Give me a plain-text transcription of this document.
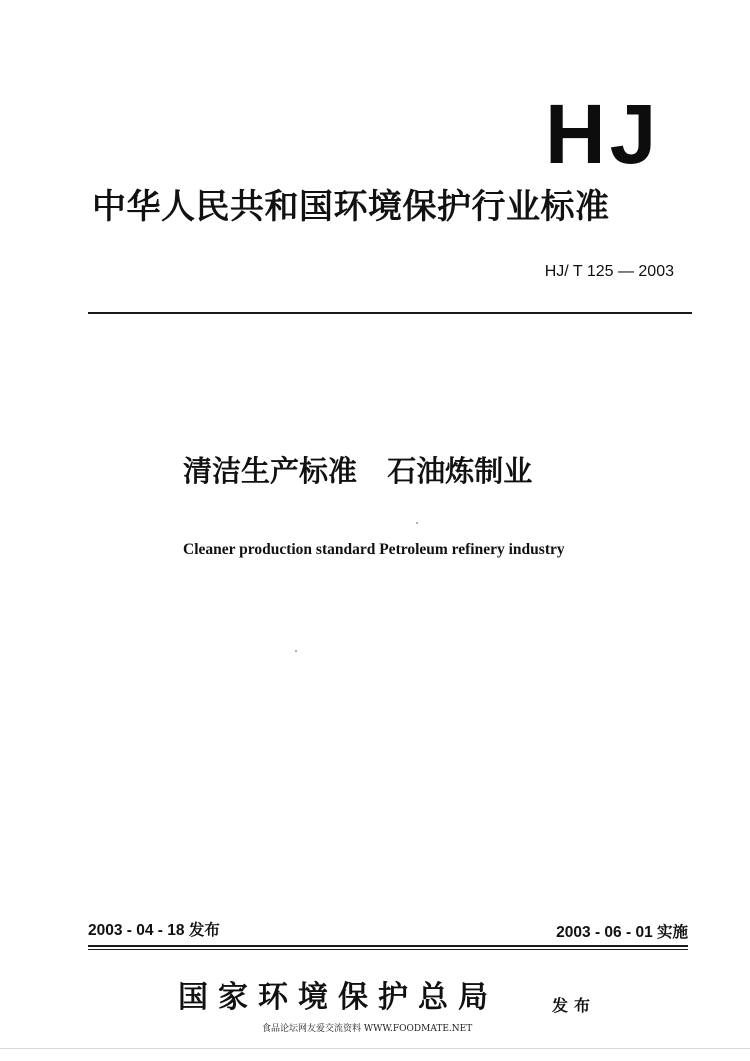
HJ
中华人民共和国环境保护行业标准
HJ/ T 125 — 2003
清洁生产标准   石油炼制业
Cleaner production standard Petroleum refinery industry
2003 - 04 - 18 发布	2003 - 06 - 01 实施
国家环境保护总局	发布
食品论坛网友爱交流资料 WWW.FOODMATE.NET
